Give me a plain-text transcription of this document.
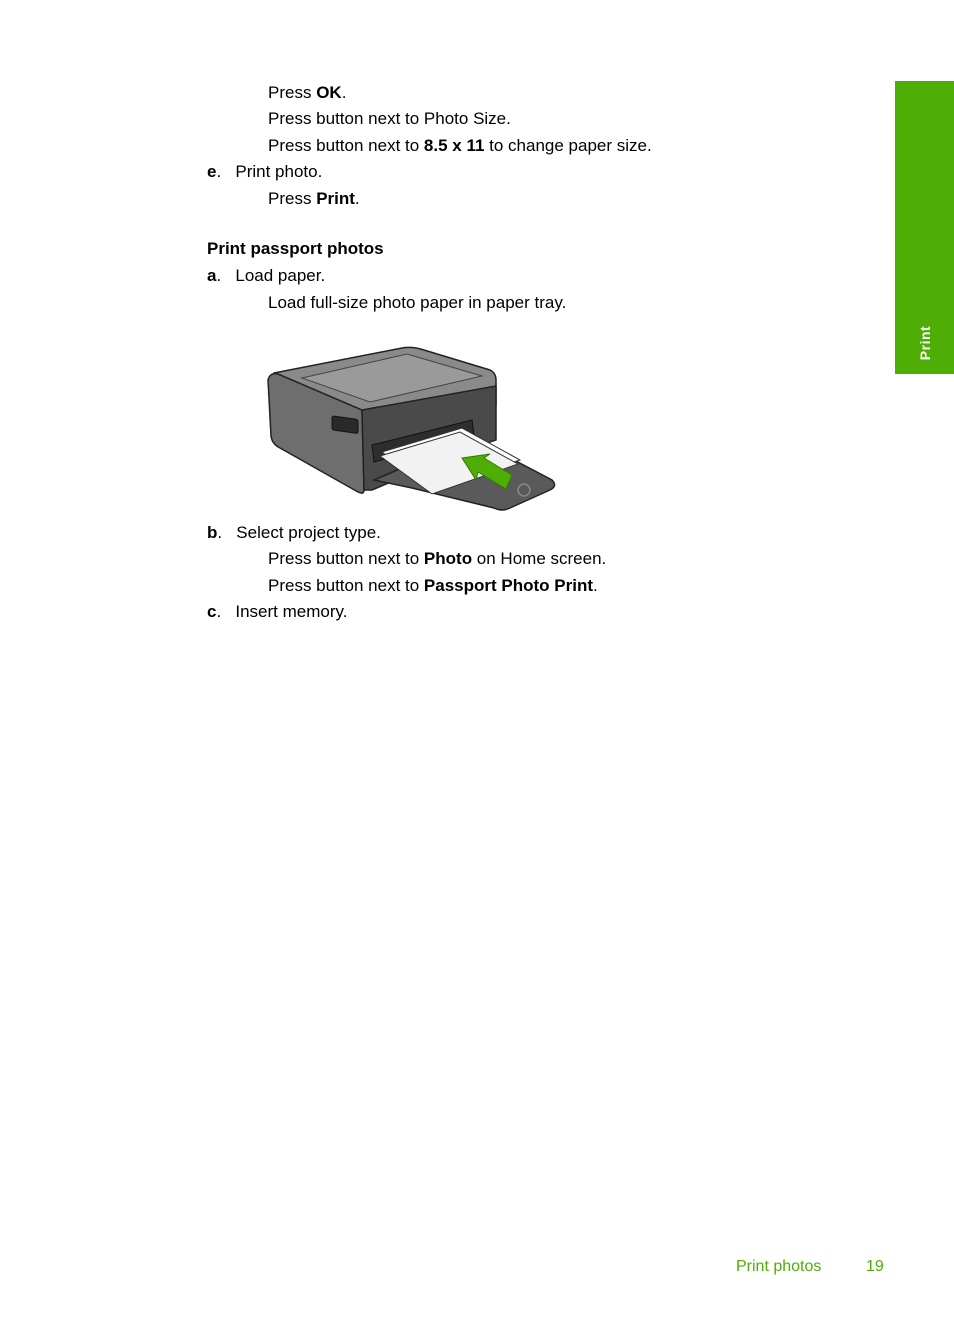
Print
Press OK.
Press button next to Photo Size.
Press button next to 8.5 x 11 to change paper size.
e.   Print photo.
Press Print.
Print passport photos
a.   Load paper.
Load full-size photo paper in paper tray.
b.   Select project type.
Press button next to Photo on Home screen.
Press button next to Passport Photo Print.
c.   Insert memory.
Print photos	19
